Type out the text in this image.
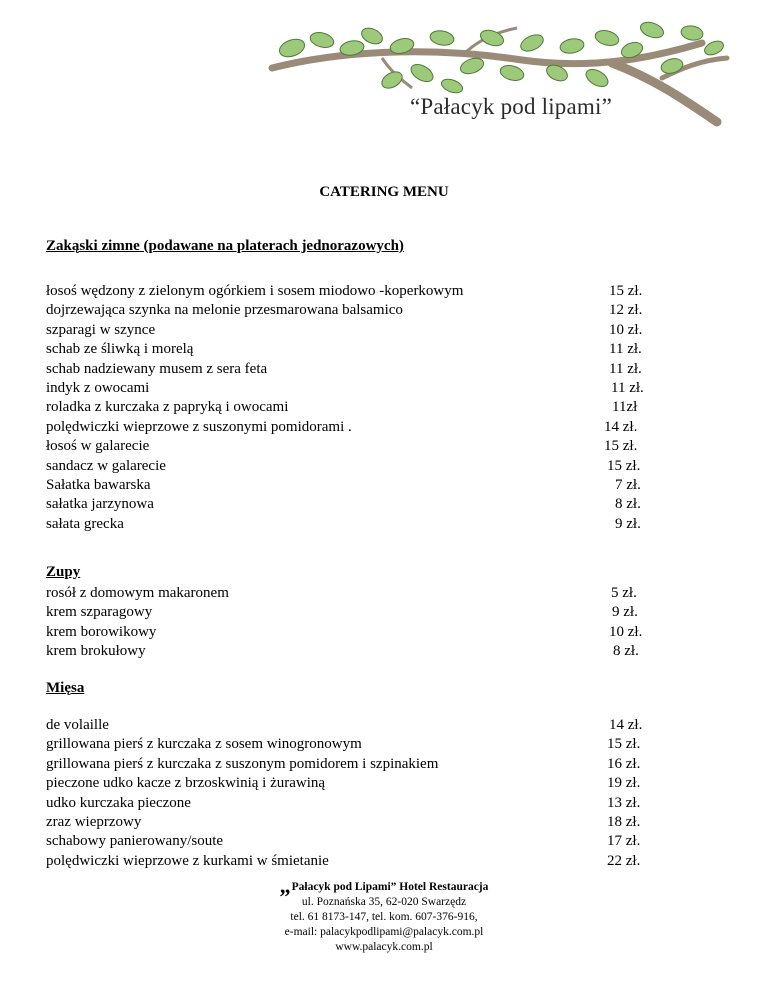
“Pałacyk pod lipami”
CATERING MENU
Zakąski zimne (podawane na platerach jednorazowych)
łosoś wędzony z zielonym ogórkiem i sosem miodowo -koperkowym	15 zł.
dojrzewająca szynka na melonie przesmarowana balsamico	12 zł.
szparagi w szynce	10 zł.
schab ze śliwką i morelą	11 zł.
schab nadziewany musem z sera feta	11 zł.
indyk z owocami	11 zł.
roladka z kurczaka z papryką i owocami	11zł
polędwiczki wieprzowe z suszonymi pomidorami .	14 zł.
łosoś w galarecie	15 zł.
sandacz w galarecie	15 zł.
Sałatka bawarska	7 zł.
sałatka jarzynowa	8 zł.
sałata grecka	9 zł.
Zupy
rosół z domowym makaronem	5 zł.
krem szparagowy	9 zł.
krem borowikowy	10 zł.
krem brokułowy	8 zł.
Mięsa
de volaille	14 zł.
grillowana pierś z kurczaka z sosem winogronowym	15 zł.
grillowana pierś z kurczaka z suszonym pomidorem i szpinakiem	16 zł.
pieczone udko kacze z brzoskwinią i żurawiną	19 zł.
udko kurczaka pieczone	13 zł.
zraz wieprzowy	18 zł.
schabowy panierowany/soute	17 zł.
polędwiczki wieprzowe z kurkami w śmietanie	22 zł.
„Pałacyk pod Lipami” Hotel Restauracja
ul. Poznańska 35, 62-020 Swarzędz
tel. 61 8173-147, tel. kom. 607-376-916,
e-mail: palacykpodlipami@palacyk.com.pl
www.palacyk.com.pl
